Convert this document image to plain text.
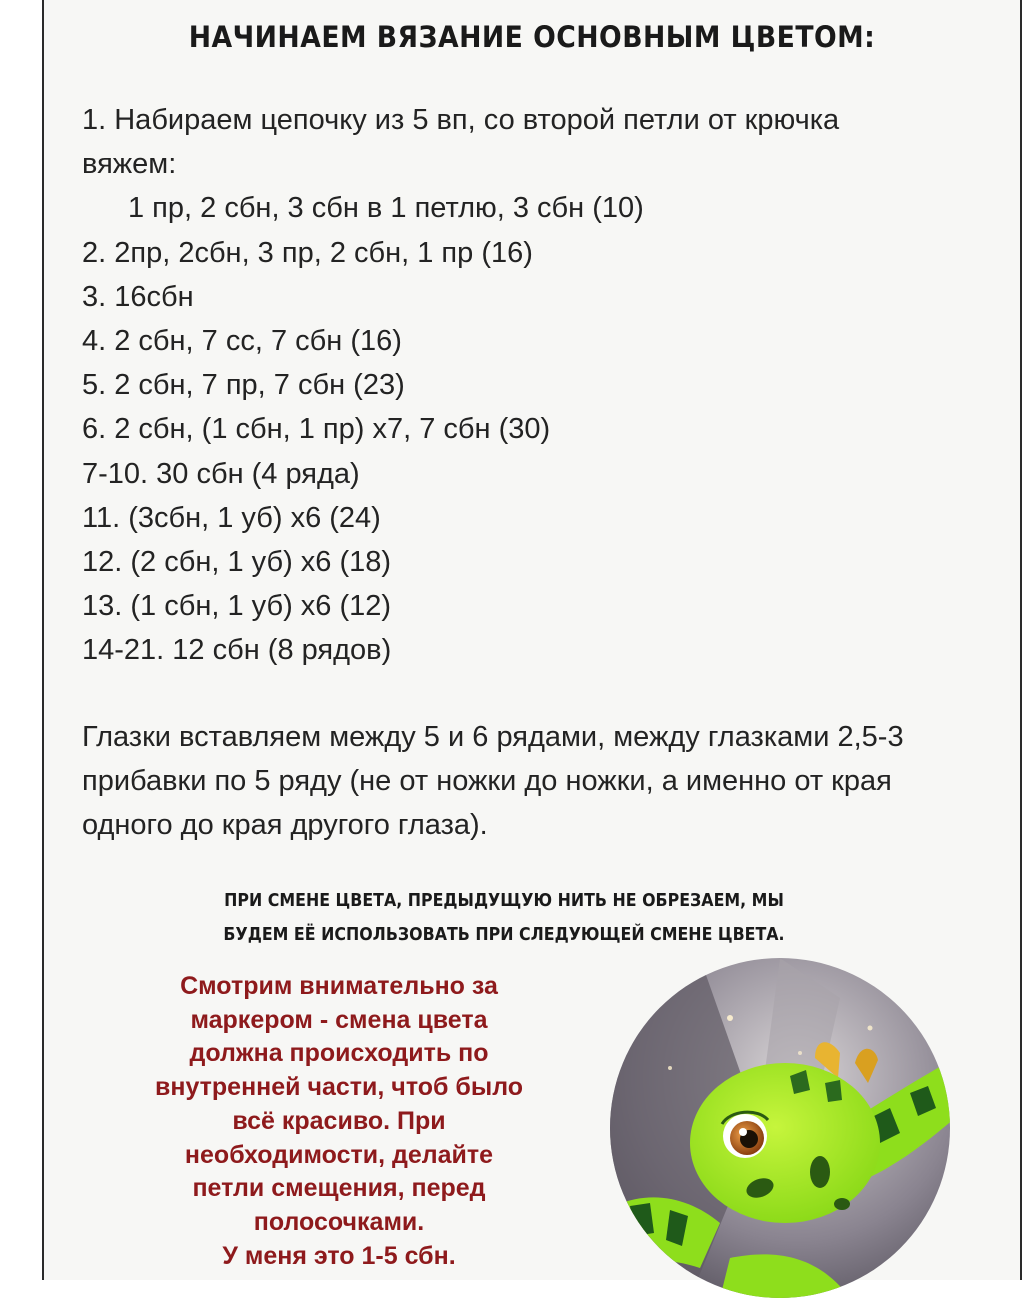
НАЧИНАЕМ ВЯЗАНИЕ ОСНОВНЫМ ЦВЕТОМ:
1. Набираем цепочку из 5 вп, со второй петли от крючка
вяжем:
1 пр, 2 сбн, 3 сбн в 1 петлю, 3 сбн (10)
2. 2пр, 2сбн, 3 пр, 2 сбн, 1 пр (16)
3. 16сбн
4. 2 сбн, 7 сс, 7 сбн (16)
5. 2 сбн, 7 пр, 7 сбн (23)
6. 2 сбн, (1 сбн, 1 пр) х7, 7 сбн (30)
7-10. 30 сбн (4 ряда)
11. (3сбн, 1 уб) х6 (24)
12. (2 сбн, 1 уб) х6 (18)
13. (1 сбн, 1 уб) х6 (12)
14-21. 12 сбн (8 рядов)
Глазки вставляем между 5 и 6 рядами, между глазками 2,5-3 прибавки по 5 ряду (не от ножки до ножки, а именно от края одного до края другого глаза).
ПРИ СМЕНЕ ЦВЕТА, ПРЕДЫДУЩУЮ НИТЬ НЕ ОБРЕЗАЕМ, МЫ
БУДЕМ ЕЁ ИСПОЛЬЗОВАТЬ ПРИ СЛЕДУЮЩЕЙ СМЕНЕ ЦВЕТА.
Смотрим внимательно за
маркером - смена цвета
должна происходить по
внутренней части, чтоб было
всё красиво. При
необходимости, делайте
петли смещения, перед
полосочками.
У меня это 1-5 сбн.
